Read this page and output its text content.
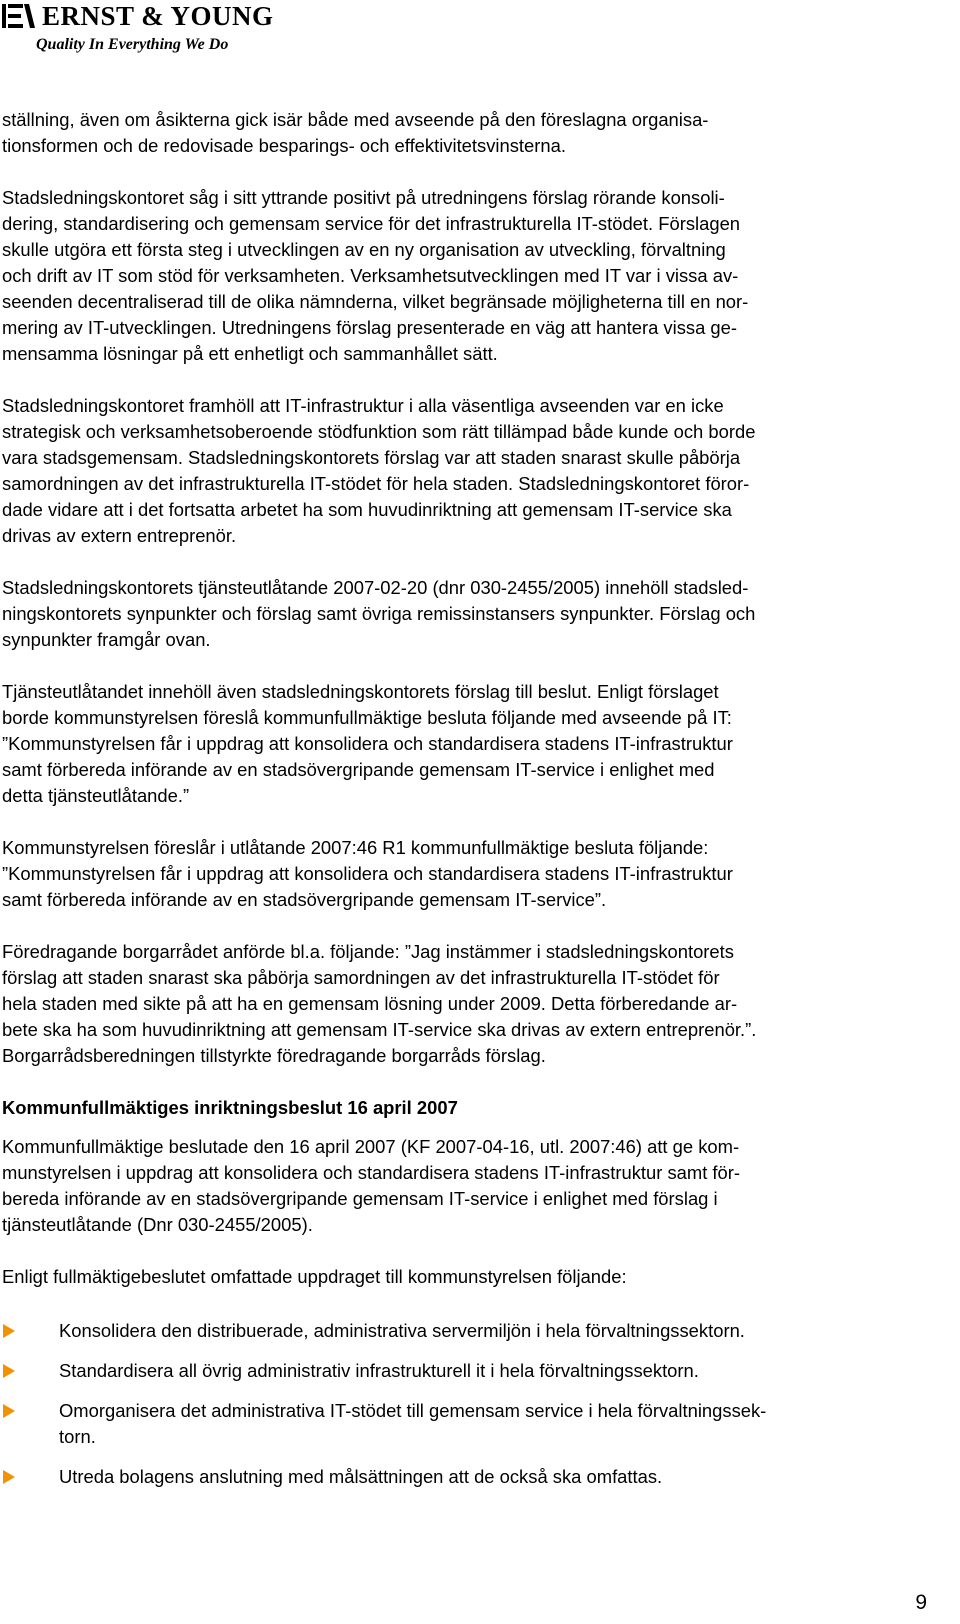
ERNST & YOUNG
Quality In Everything We Do

ställning, även om åsikterna gick isär både med avseende på den föreslagna organisa-
tionsformen och de redovisade besparings- och effektivitetsvinsterna.

Stadsledningskontoret såg i sitt yttrande positivt på utredningens förslag rörande konsoli-
dering, standardisering och gemensam service för det infrastrukturella IT-stödet. Förslagen
skulle utgöra ett första steg i utvecklingen av en ny organisation av utveckling, förvaltning
och drift av IT som stöd för verksamheten. Verksamhetsutvecklingen med IT var i vissa av-
seenden decentraliserad till de olika nämnderna, vilket begränsade möjligheterna till en nor-
mering av IT-utvecklingen. Utredningens förslag presenterade en väg att hantera vissa ge-
mensamma lösningar på ett enhetligt och sammanhållet sätt.

Stadsledningskontoret framhöll att IT-infrastruktur i alla väsentliga avseenden var en icke
strategisk och verksamhetsoberoende stödfunktion som rätt tillämpad både kunde och borde
vara stadsgemensam. Stadsledningskontorets förslag var att staden snarast skulle påbörja
samordningen av det infrastrukturella IT-stödet för hela staden. Stadsledningskontoret föror-
dade vidare att i det fortsatta arbetet ha som huvudinriktning att gemensam IT-service ska
drivas av extern entreprenör.

Stadsledningskontorets tjänsteutlåtande 2007-02-20 (dnr 030-2455/2005) innehöll stadsled-
ningskontorets synpunkter och förslag samt övriga remissinstansers synpunkter. Förslag och
synpunkter framgår ovan.

Tjänsteutlåtandet innehöll även stadsledningskontorets förslag till beslut. Enligt förslaget
borde kommunstyrelsen föreslå kommunfullmäktige besluta följande med avseende på IT:
”Kommunstyrelsen får i uppdrag att konsolidera och standardisera stadens IT-infrastruktur
samt förbereda införande av en stadsövergripande gemensam IT-service i enlighet med
detta tjänsteutlåtande.”

Kommunstyrelsen föreslår i utlåtande 2007:46 R1 kommunfullmäktige besluta följande:
”Kommunstyrelsen får i uppdrag att konsolidera och standardisera stadens IT-infrastruktur
samt förbereda införande av en stadsövergripande gemensam IT-service”.

Föredragande borgarrådet anförde bl.a. följande: ”Jag instämmer i stadsledningskontorets
förslag att staden snarast ska påbörja samordningen av det infrastrukturella IT-stödet för
hela staden med sikte på att ha en gemensam lösning under 2009. Detta förberedande ar-
bete ska ha som huvudinriktning att gemensam IT-service ska drivas av extern entreprenör.”.
Borgarrådsberedningen tillstyrkte föredragande borgarråds förslag.

Kommunfullmäktiges inriktningsbeslut 16 april 2007

Kommunfullmäktige beslutade den 16 april 2007 (KF 2007-04-16, utl. 2007:46) att ge kom-
munstyrelsen i uppdrag att konsolidera och standardisera stadens IT-infrastruktur samt för-
bereda införande av en stadsövergripande gemensam IT-service i enlighet med förslag i
tjänsteutlåtande (Dnr 030-2455/2005).

Enligt fullmäktigebeslutet omfattade uppdraget till kommunstyrelsen följande:

Konsolidera den distribuerade, administrativa servermiljön i hela förvaltningssektorn.
Standardisera all övrig administrativ infrastrukturell it i hela förvaltningssektorn.
Omorganisera det administrativa IT-stödet till gemensam service i hela förvaltningssek-
torn.
Utreda bolagens anslutning med målsättningen att de också ska omfattas.
9
